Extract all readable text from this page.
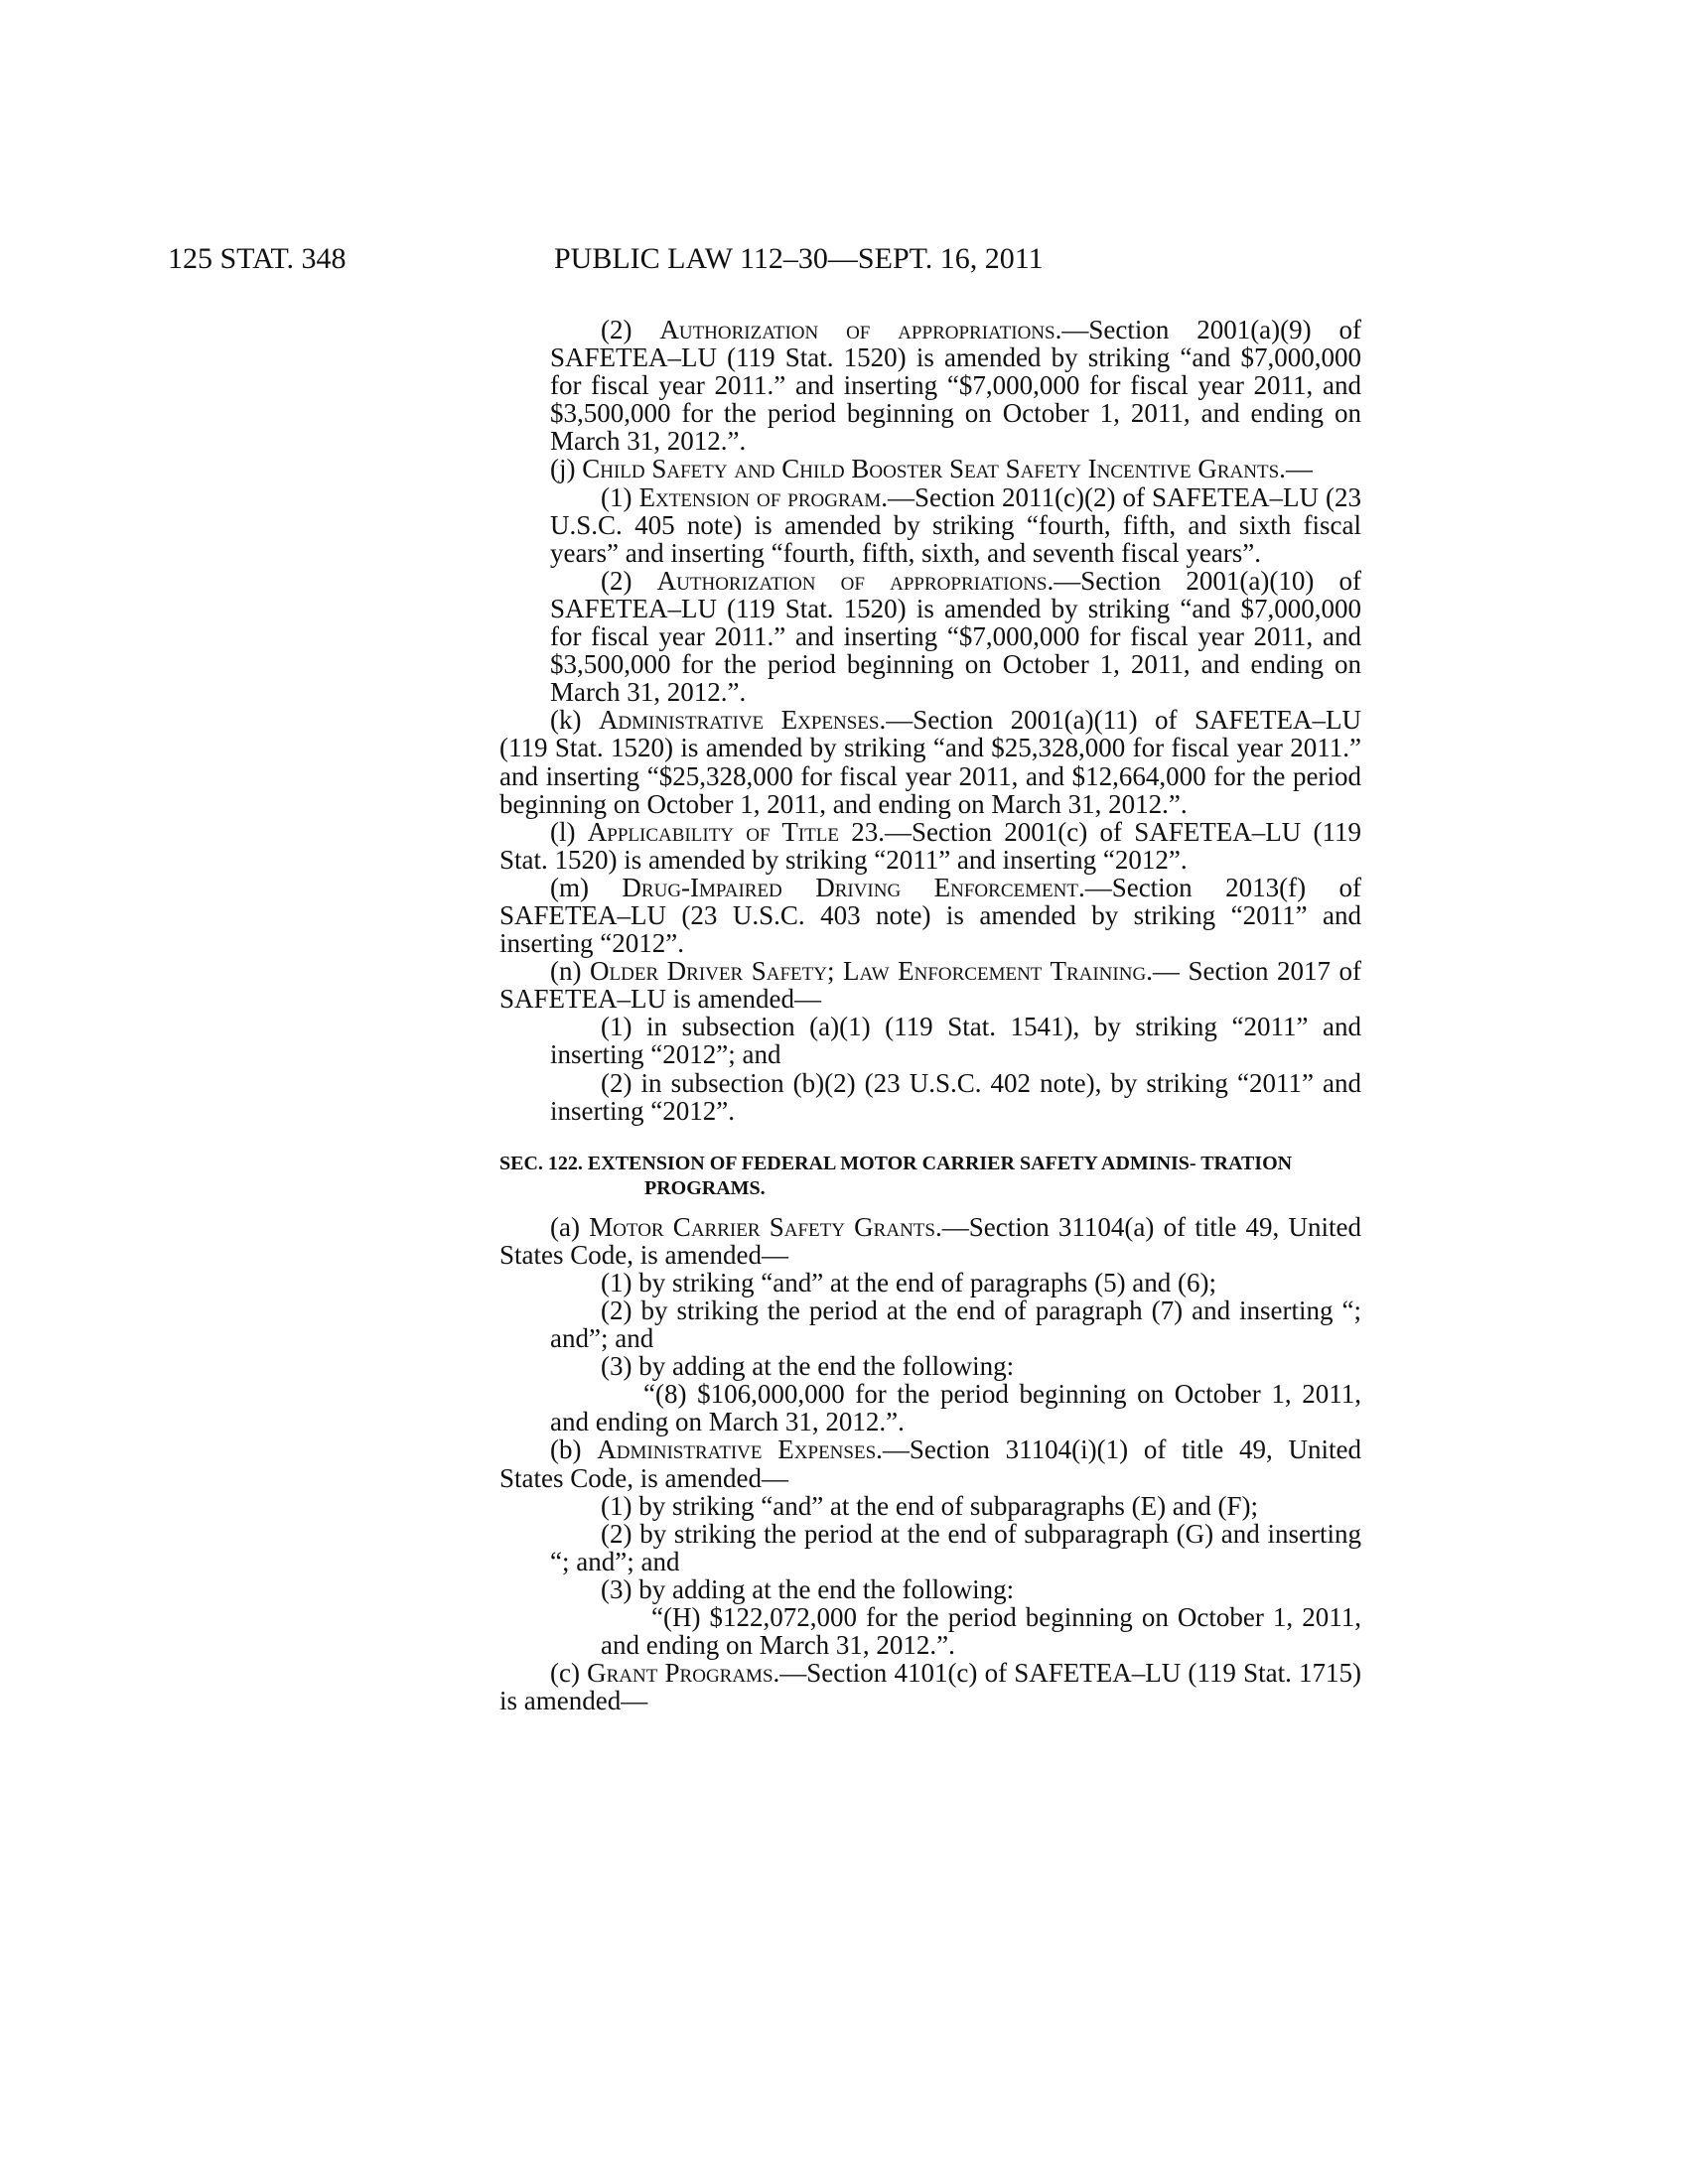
125 STAT. 348	PUBLIC LAW 112–30—SEPT. 16, 2011

(2) Authorization of appropriations.—Section 2001(a)(9) of SAFETEA–LU (119 Stat. 1520) is amended by striking “and $7,000,000 for fiscal year 2011.” and inserting “$7,000,000 for fiscal year 2011, and $3,500,000 for the period beginning on October 1, 2011, and ending on March 31, 2012.”.

(j) Child Safety and Child Booster Seat Safety Incentive Grants.—

(1) Extension of program.—Section 2011(c)(2) of SAFETEA–LU (23 U.S.C. 405 note) is amended by striking “fourth, fifth, and sixth fiscal years” and inserting “fourth, fifth, sixth, and seventh fiscal years”.

(2) Authorization of appropriations.—Section 2001(a)(10) of SAFETEA–LU (119 Stat. 1520) is amended by striking “and $7,000,000 for fiscal year 2011.” and inserting “$7,000,000 for fiscal year 2011, and $3,500,000 for the period beginning on October 1, 2011, and ending on March 31, 2012.”.

(k) Administrative Expenses.—Section 2001(a)(11) of SAFETEA–LU (119 Stat. 1520) is amended by striking “and $25,328,000 for fiscal year 2011.” and inserting “$25,328,000 for fiscal year 2011, and $12,664,000 for the period beginning on October 1, 2011, and ending on March 31, 2012.”.

(l) Applicability of Title 23.—Section 2001(c) of SAFETEA–LU (119 Stat. 1520) is amended by striking “2011” and inserting “2012”.

(m) Drug-Impaired Driving Enforcement.—Section 2013(f) of SAFETEA–LU (23 U.S.C. 403 note) is amended by striking “2011” and inserting “2012”.

(n) Older Driver Safety; Law Enforcement Training.— Section 2017 of SAFETEA–LU is amended—

(1) in subsection (a)(1) (119 Stat. 1541), by striking “2011” and inserting “2012”; and

(2) in subsection (b)(2) (23 U.S.C. 402 note), by striking “2011” and inserting “2012”.

SEC. 122. EXTENSION OF FEDERAL MOTOR CARRIER SAFETY ADMINIS- TRATION PROGRAMS.

(a) Motor Carrier Safety Grants.—Section 31104(a) of title 49, United States Code, is amended—

(1) by striking “and” at the end of paragraphs (5) and (6);

(2) by striking the period at the end of paragraph (7) and inserting “; and”; and

(3) by adding at the end the following:

“(8) $106,000,000 for the period beginning on October 1, 2011, and ending on March 31, 2012.”.

(b) Administrative Expenses.—Section 31104(i)(1) of title 49, United States Code, is amended—

(1) by striking “and” at the end of subparagraphs (E) and (F);

(2) by striking the period at the end of subparagraph (G) and inserting “; and”; and

(3) by adding at the end the following:

“(H) $122,072,000 for the period beginning on October 1, 2011, and ending on March 31, 2012.”.

(c) Grant Programs.—Section 4101(c) of SAFETEA–LU (119 Stat. 1715) is amended—
